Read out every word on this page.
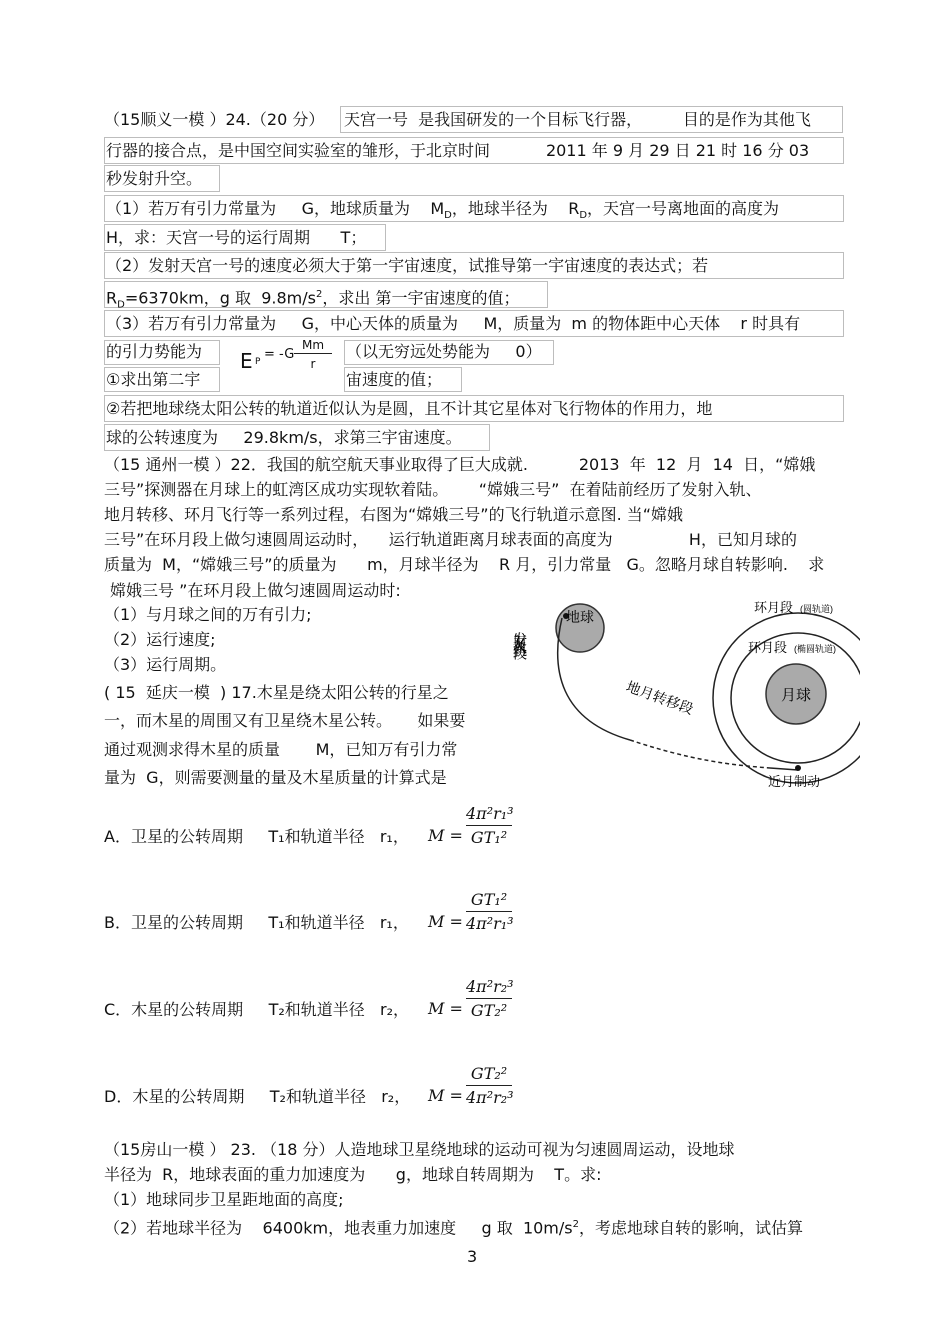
（15顺义一模 ）24.（20 分） 天宫一号  是我国研发的一个目标飞行器，        目的是作为其他飞
行器的接合点，是中国空间实验室的雏形，于北京时间           2011 年 9 月 29 日 21 时 16 分 03
秒发射升空。
（1）若万有引力常量为     G，地球质量为    $M_D$，地球半径为    $R_D$，天宫一号离地面的高度为
H，求：天宫一号的运行周期      T；
（2）发射天宫一号的速度必须大于第一宇宙速度，试推导第一宇宙速度的表达式；若
$R_D=6370km$，g 取  $9.8m/s^2$，求出 第一宇宙速度的值；
（3）若万有引力常量为     G，中心天体的质量为     M，质量为  m 的物体距中心天体    r 时具有
的引力势能为 E P = -G
Mm
r
（以无穷远处势能为     0）
①求出第二宇	宙速度的值；
②若把地球绕太阳公转的轨道近似认为是圆，且不计其它星体对飞行物体的作用力，地
球的公转速度为     29.8km/s，求第三宇宙速度。
（15 通州一模 ）22．我国的航空航天事业取得了巨大成就.          2013  年  12  月  14  日，“嫦娥
三号”探测器在月球上的虹湾区成功实现软着陆。      “嫦娥三号”  在着陆前经历了发射入轨、
地月转移、环月飞行等一系列过程，右图为“嫦娥三号”的飞行轨道示意图. 当“嫦娥
三号”在环月段上做匀速圆周运动时，    运行轨道距离月球表面的高度为               H，已知月球的
质量为  M，“嫦娥三号”的质量为      m，月球半径为    R 月，引力常量   G。忽略月球自转影响.    求
嫦娥三号 ”在环月段上做匀速圆周运动时:
（1）与月球之间的万有引力;
（2）运行速度;
（3）运行周期。
地球
月球
发射及入轨段
环月段 (圆轨道)
环月段 (椭圆轨道)
地月转移段
近月制动
( 15  延庆一模  ) 17.木星是绕太阳公转的行星之
一，而木星的周围又有卫星绕木星公转。     如果要
通过观测求得木星的质量       M，已知万有引力常
量为  G，则需要测量的量及木星质量的计算式是
A．卫星的公转周期     T₁和轨道半径   r₁， M =
4π²r₁³
GT₁²
B．卫星的公转周期     T₁和轨道半径   r₁， M =
GT₁²
4π²r₁³
C．木星的公转周期     T₂和轨道半径   r₂， M =
4π²r₂³
GT₂²
D．木星的公转周期     T₂和轨道半径   r₂， M =
GT₂²
4π²r₂³
（15房山一模 ） 23. （18 分）人造地球卫星绕地球的运动可视为匀速圆周运动，设地球
半径为  R，地球表面的重力加速度为      g，地球自转周期为    T。求:
（1）地球同步卫星距地面的高度;
（2）若地球半径为    6400km，地表重力加速度     g 取  $10m/s^2$，考虑地球自转的影响，试估算
3
